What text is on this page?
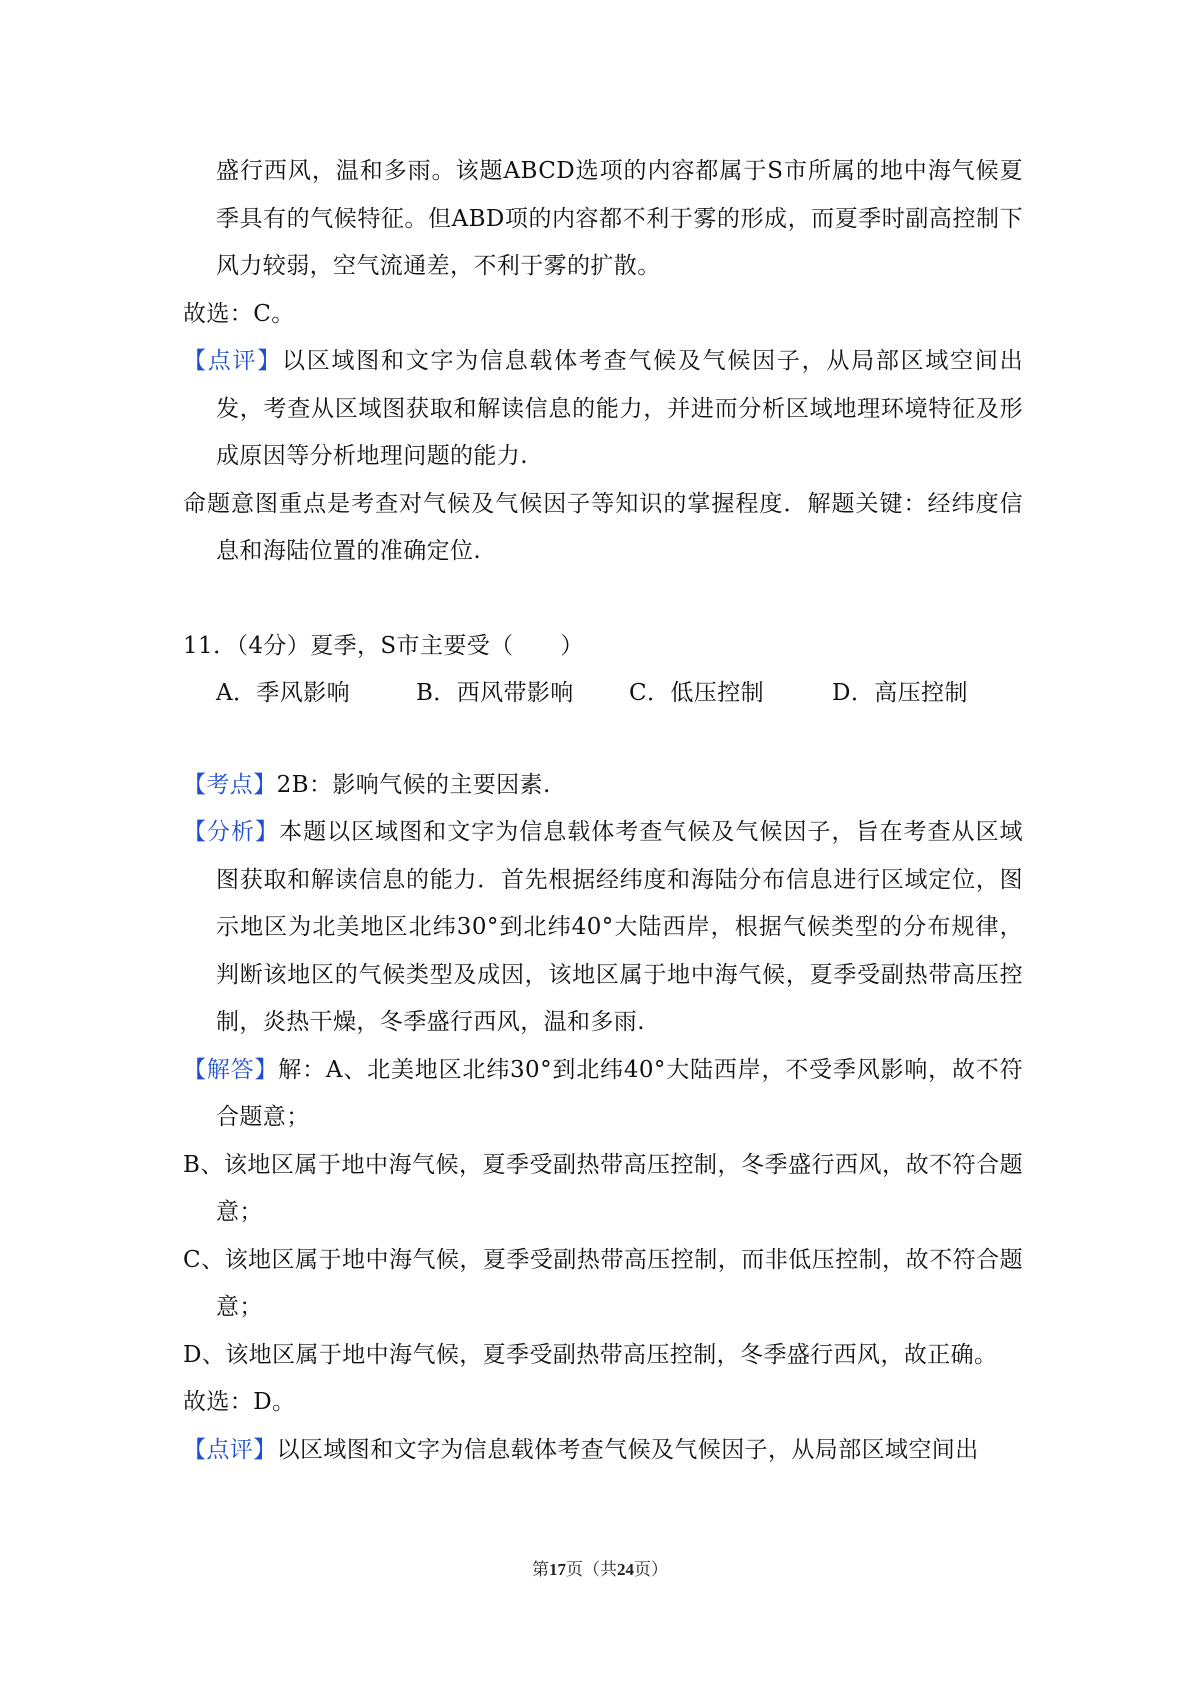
盛行西风，温和多雨。该题ABCD选项的内容都属于S市所属的地中海气候夏季具有的气候特征。但ABD项的内容都不利于雾的形成，而夏季时副高控制下风力较弱，空气流通差，不利于雾的扩散。

故选：C。

【点评】以区域图和文字为信息载体考查气候及气候因子，从局部区域空间出发，考查从区域图获取和解读信息的能力，并进而分析区域地理环境特征及形成原因等分析地理问题的能力.

命题意图重点是考查对气候及气候因子等知识的掌握程度．解题关键：经纬度信息和海陆位置的准确定位.

11．（4分）夏季，S市主要受（　　）

A．季风影响	B．西风带影响	C．低压控制	D．高压控制

【考点】2B：影响气候的主要因素.

【分析】本题以区域图和文字为信息载体考查气候及气候因子，旨在考查从区域图获取和解读信息的能力．首先根据经纬度和海陆分布信息进行区域定位，图示地区为北美地区北纬30°到北纬40°大陆西岸，根据气候类型的分布规律，判断该地区的气候类型及成因，该地区属于地中海气候，夏季受副热带高压控制，炎热干燥，冬季盛行西风，温和多雨.

【解答】解：A、北美地区北纬30°到北纬40°大陆西岸，不受季风影响，故不符合题意；

B、该地区属于地中海气候，夏季受副热带高压控制，冬季盛行西风，故不符合题意；

C、该地区属于地中海气候，夏季受副热带高压控制，而非低压控制，故不符合题意；

D、该地区属于地中海气候，夏季受副热带高压控制，冬季盛行西风，故正确。

故选：D。

【点评】以区域图和文字为信息载体考查气候及气候因子，从局部区域空间出

第17页（共24页）
